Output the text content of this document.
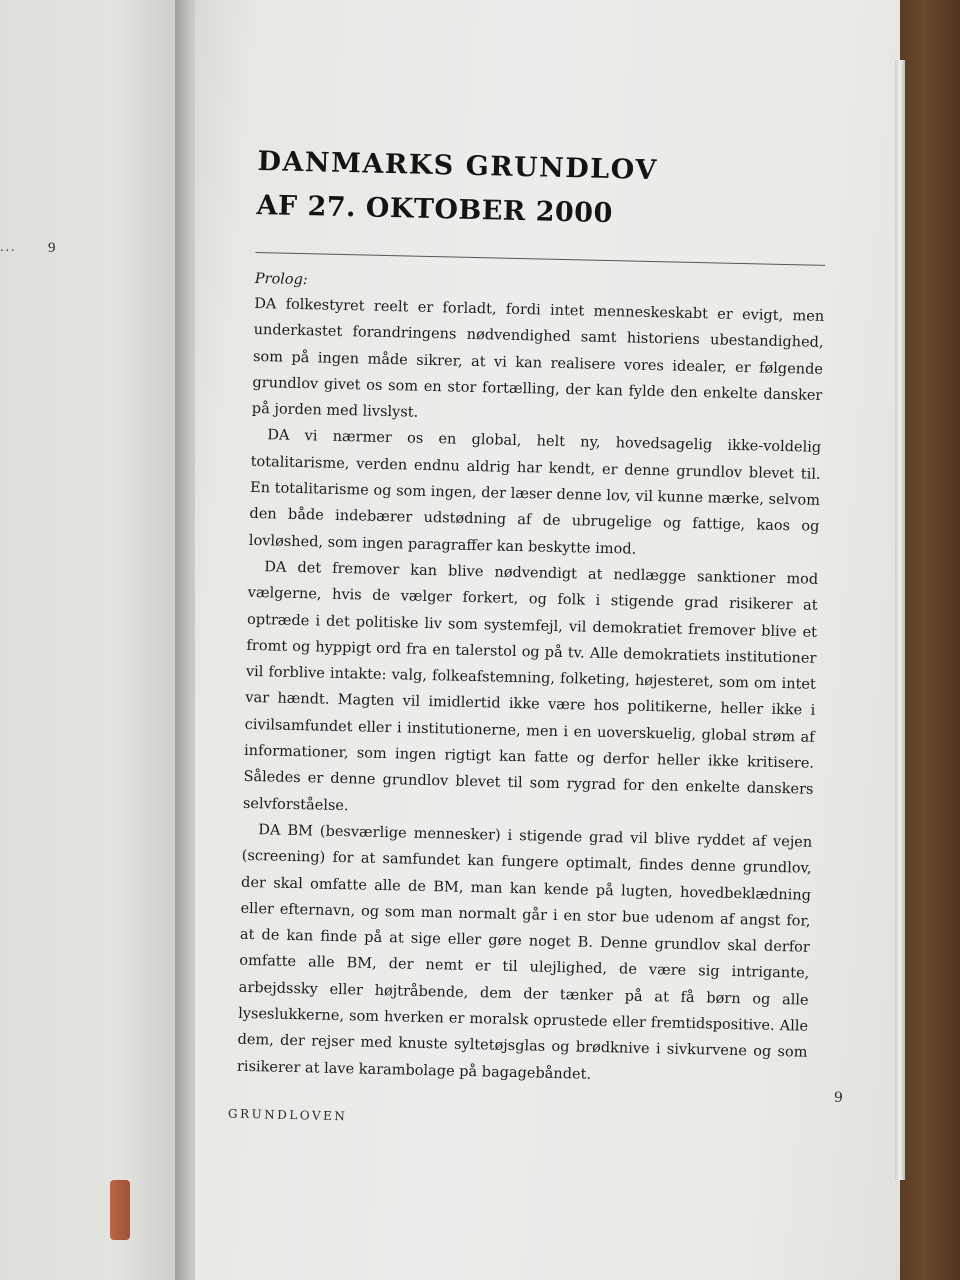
... 9
DANMARKS GRUNDLOV
AF 27. OKTOBER 2000
Prolog:

DA folkestyret reelt er forladt, fordi intet menneskeskabt er evigt, men underkastet forandringens nødvendighed samt historiens ubestandighed, som på ingen måde sikrer, at vi kan realisere vores idealer, er følgende grundlov givet os som en stor fortælling, der kan fylde den enkelte dansker på jorden med livslyst.

DA vi nærmer os en global, helt ny, hovedsagelig ikke-voldelig totalitarisme, verden endnu aldrig har kendt, er denne grundlov blevet til. En totalitarisme og som ingen, der læser denne lov, vil kunne mærke, selvom den både indebærer udstødning af de ubrugelige og fattige, kaos og lovløshed, som ingen paragraffer kan beskytte imod.

DA det fremover kan blive nødvendigt at nedlægge sanktioner mod vælgerne, hvis de vælger forkert, og folk i stigende grad risikerer at optræde i det politiske liv som systemfejl, vil demokratiet fremover blive et fromt og hyppigt ord fra en talerstol og på tv. Alle demokratiets institutioner vil forblive intakte: valg, folkeafstemning, folketing, højesteret, som om intet var hændt. Magten vil imidlertid ikke være hos politikerne, heller ikke i civilsamfundet eller i institutionerne, men i en uoverskuelig, global strøm af informationer, som ingen rigtigt kan fatte og derfor heller ikke kritisere. Således er denne grundlov blevet til som rygrad for den enkelte danskers selvforståelse.

DA BM (besværlige mennesker) i stigende grad vil blive ryddet af vejen (screening) for at samfundet kan fungere optimalt, findes denne grundlov, der skal omfatte alle de BM, man kan kende på lugten, hovedbeklædning eller efternavn, og som man normalt går i en stor bue udenom af angst for, at de kan finde på at sige eller gøre noget B. Denne grundlov skal derfor omfatte alle BM, der nemt er til ulejlighed, de være sig intrigante, arbejdssky eller højtråbende, dem der tænker på at få børn og alle lyseslukkerne, som hverken er moralsk oprustede eller fremtidspositive. Alle dem, der rejser med knuste syltetøjsglas og brødknive i sivkurvene og som risikerer at lave karambolage på bagagebåndet.

GRUNDLOVEN
9
